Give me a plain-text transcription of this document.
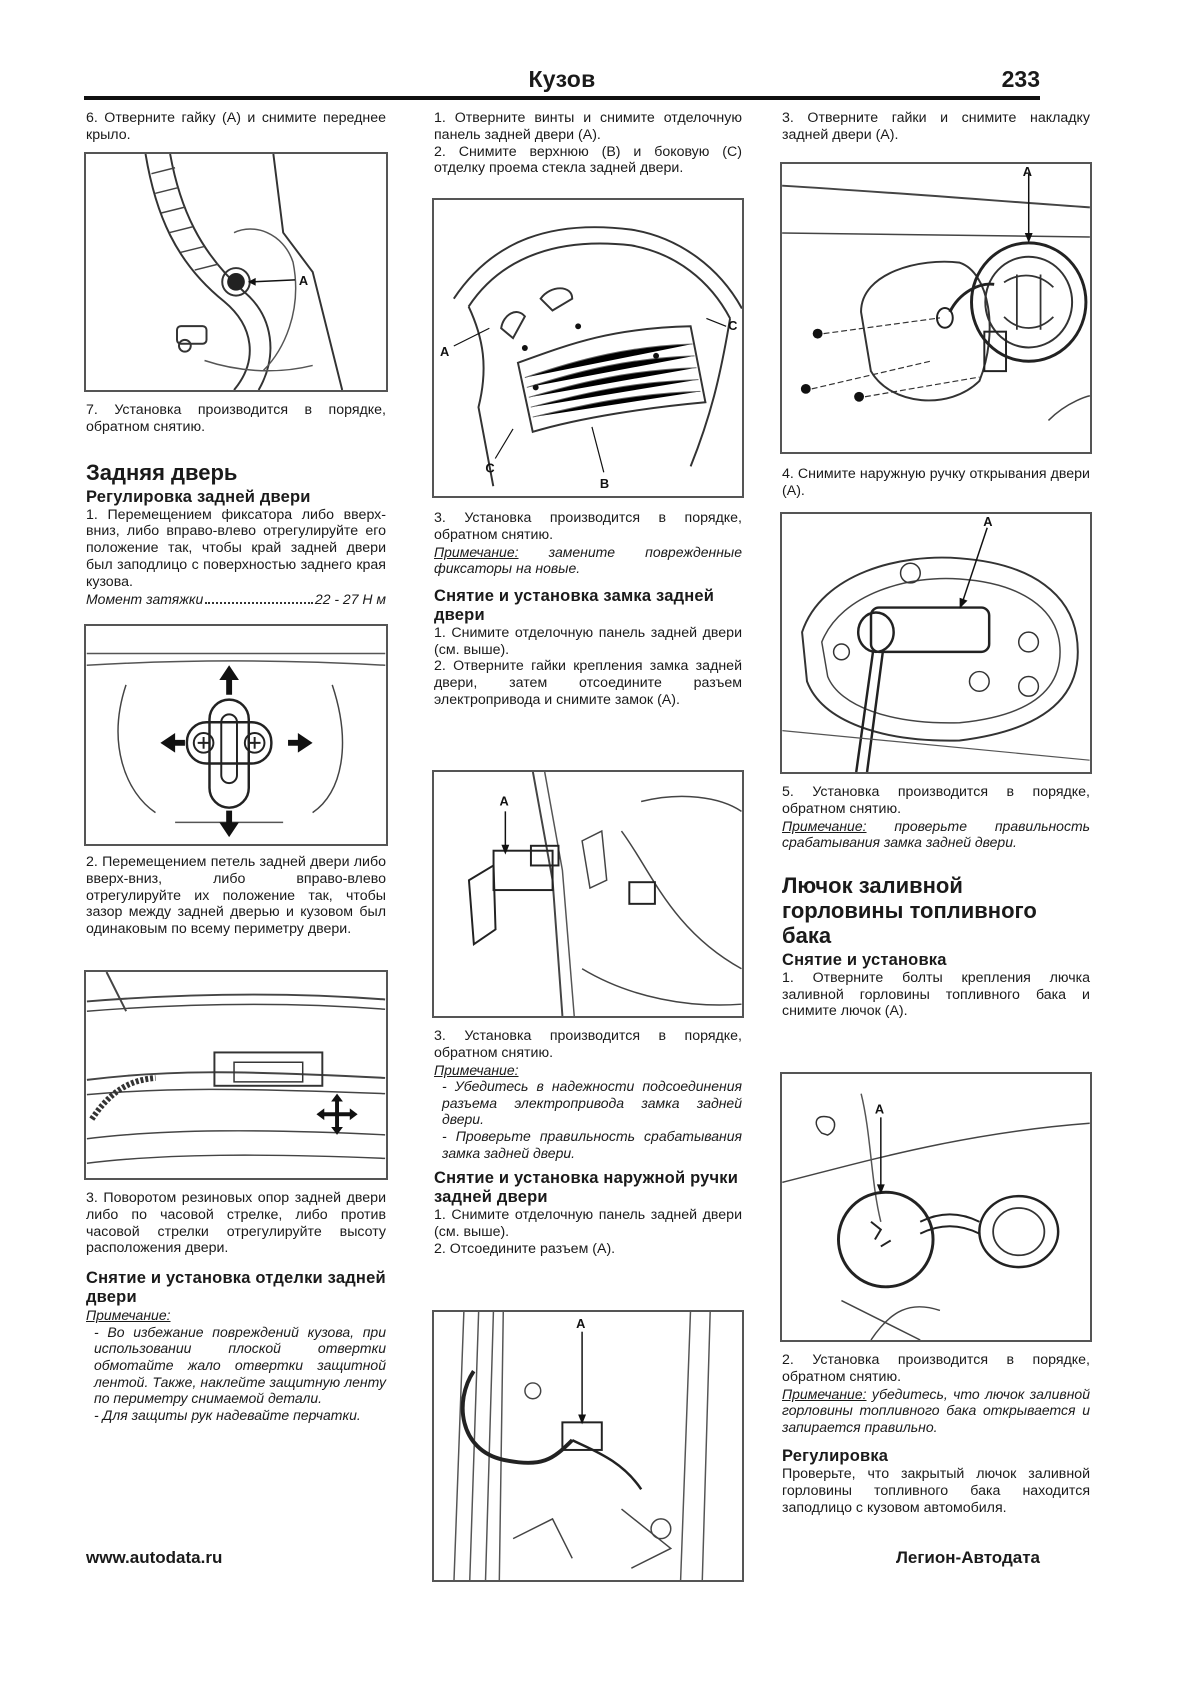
Кузов	233

6. Отверните гайку (А) и снимите переднее крыло.

A

7. Установка производится в порядке, обратном снятию.

Задняя дверь
Регулировка задней двери

1. Перемещением фиксатора либо вверх-вниз, либо вправо-влево отрегулируйте его положение так, чтобы край задней двери был заподлицо с поверхностью заднего края кузова.

Момент затяжки	22 - 27 Н м

2. Перемещением петель задней двери либо вверх-вниз, либо вправо-влево отрегулируйте их положение так, чтобы зазор между задней дверью и кузовом был одинаковым по всему периметру двери.

3. Поворотом резиновых опор задней двери либо по часовой стрелке, либо против часовой стрелки отрегулируйте высоту расположения двери.

Снятие и установка отделки задней двери

Примечание:

- Во избежание повреждений кузова, при использовании плоской отвертки обмотайте жало отвертки защитной лентой. Также, наклейте защитную ленту по периметру снимаемой детали.

- Для защиты рук надевайте перчатки.

1. Отверните винты и снимите отделочную панель задней двери (А).

2. Снимите верхнюю (В) и боковую (С) отделку проема стекла задней двери.

A
C
C
B

3. Установка производится в порядке, обратном снятию.

Примечание: замените поврежденные фиксаторы на новые.

Снятие и установка замка задней двери

1. Снимите отделочную панель задней двери (см. выше).

2. Отверните гайки крепления замка задней двери, затем отсоедините разъем электропривода и снимите замок (А).

A

3. Установка производится в порядке, обратном снятию.

Примечание:

- Убедитесь в надежности подсоединения разъема электропривода замка задней двери.

- Проверьте правильность срабатывания замка задней двери.

Снятие и установка наружной ручки задней двери

1. Снимите отделочную панель задней двери (см. выше).

2. Отсоедините разъем (А).

A

3. Отверните гайки и снимите накладку задней двери (А).

A

4. Снимите наружную ручку открывания двери (А).

A

5. Установка производится в порядке, обратном снятию.

Примечание: проверьте правильность срабатывания замка задней двери.

Лючок заливной горловины топливного бака
Снятие и установка

1. Отверните болты крепления лючка заливной горловины топливного бака и снимите лючок (А).

A

2. Установка производится в порядке, обратном снятию.

Примечание: убедитесь, что лючок заливной горловины топливного бака открывается и запирается правильно.

Регулировка

Проверьте, что закрытый лючок заливной горловины топливного бака находится заподлицо с кузовом автомобиля.

www.autodata.ru	Легион-Автодата
